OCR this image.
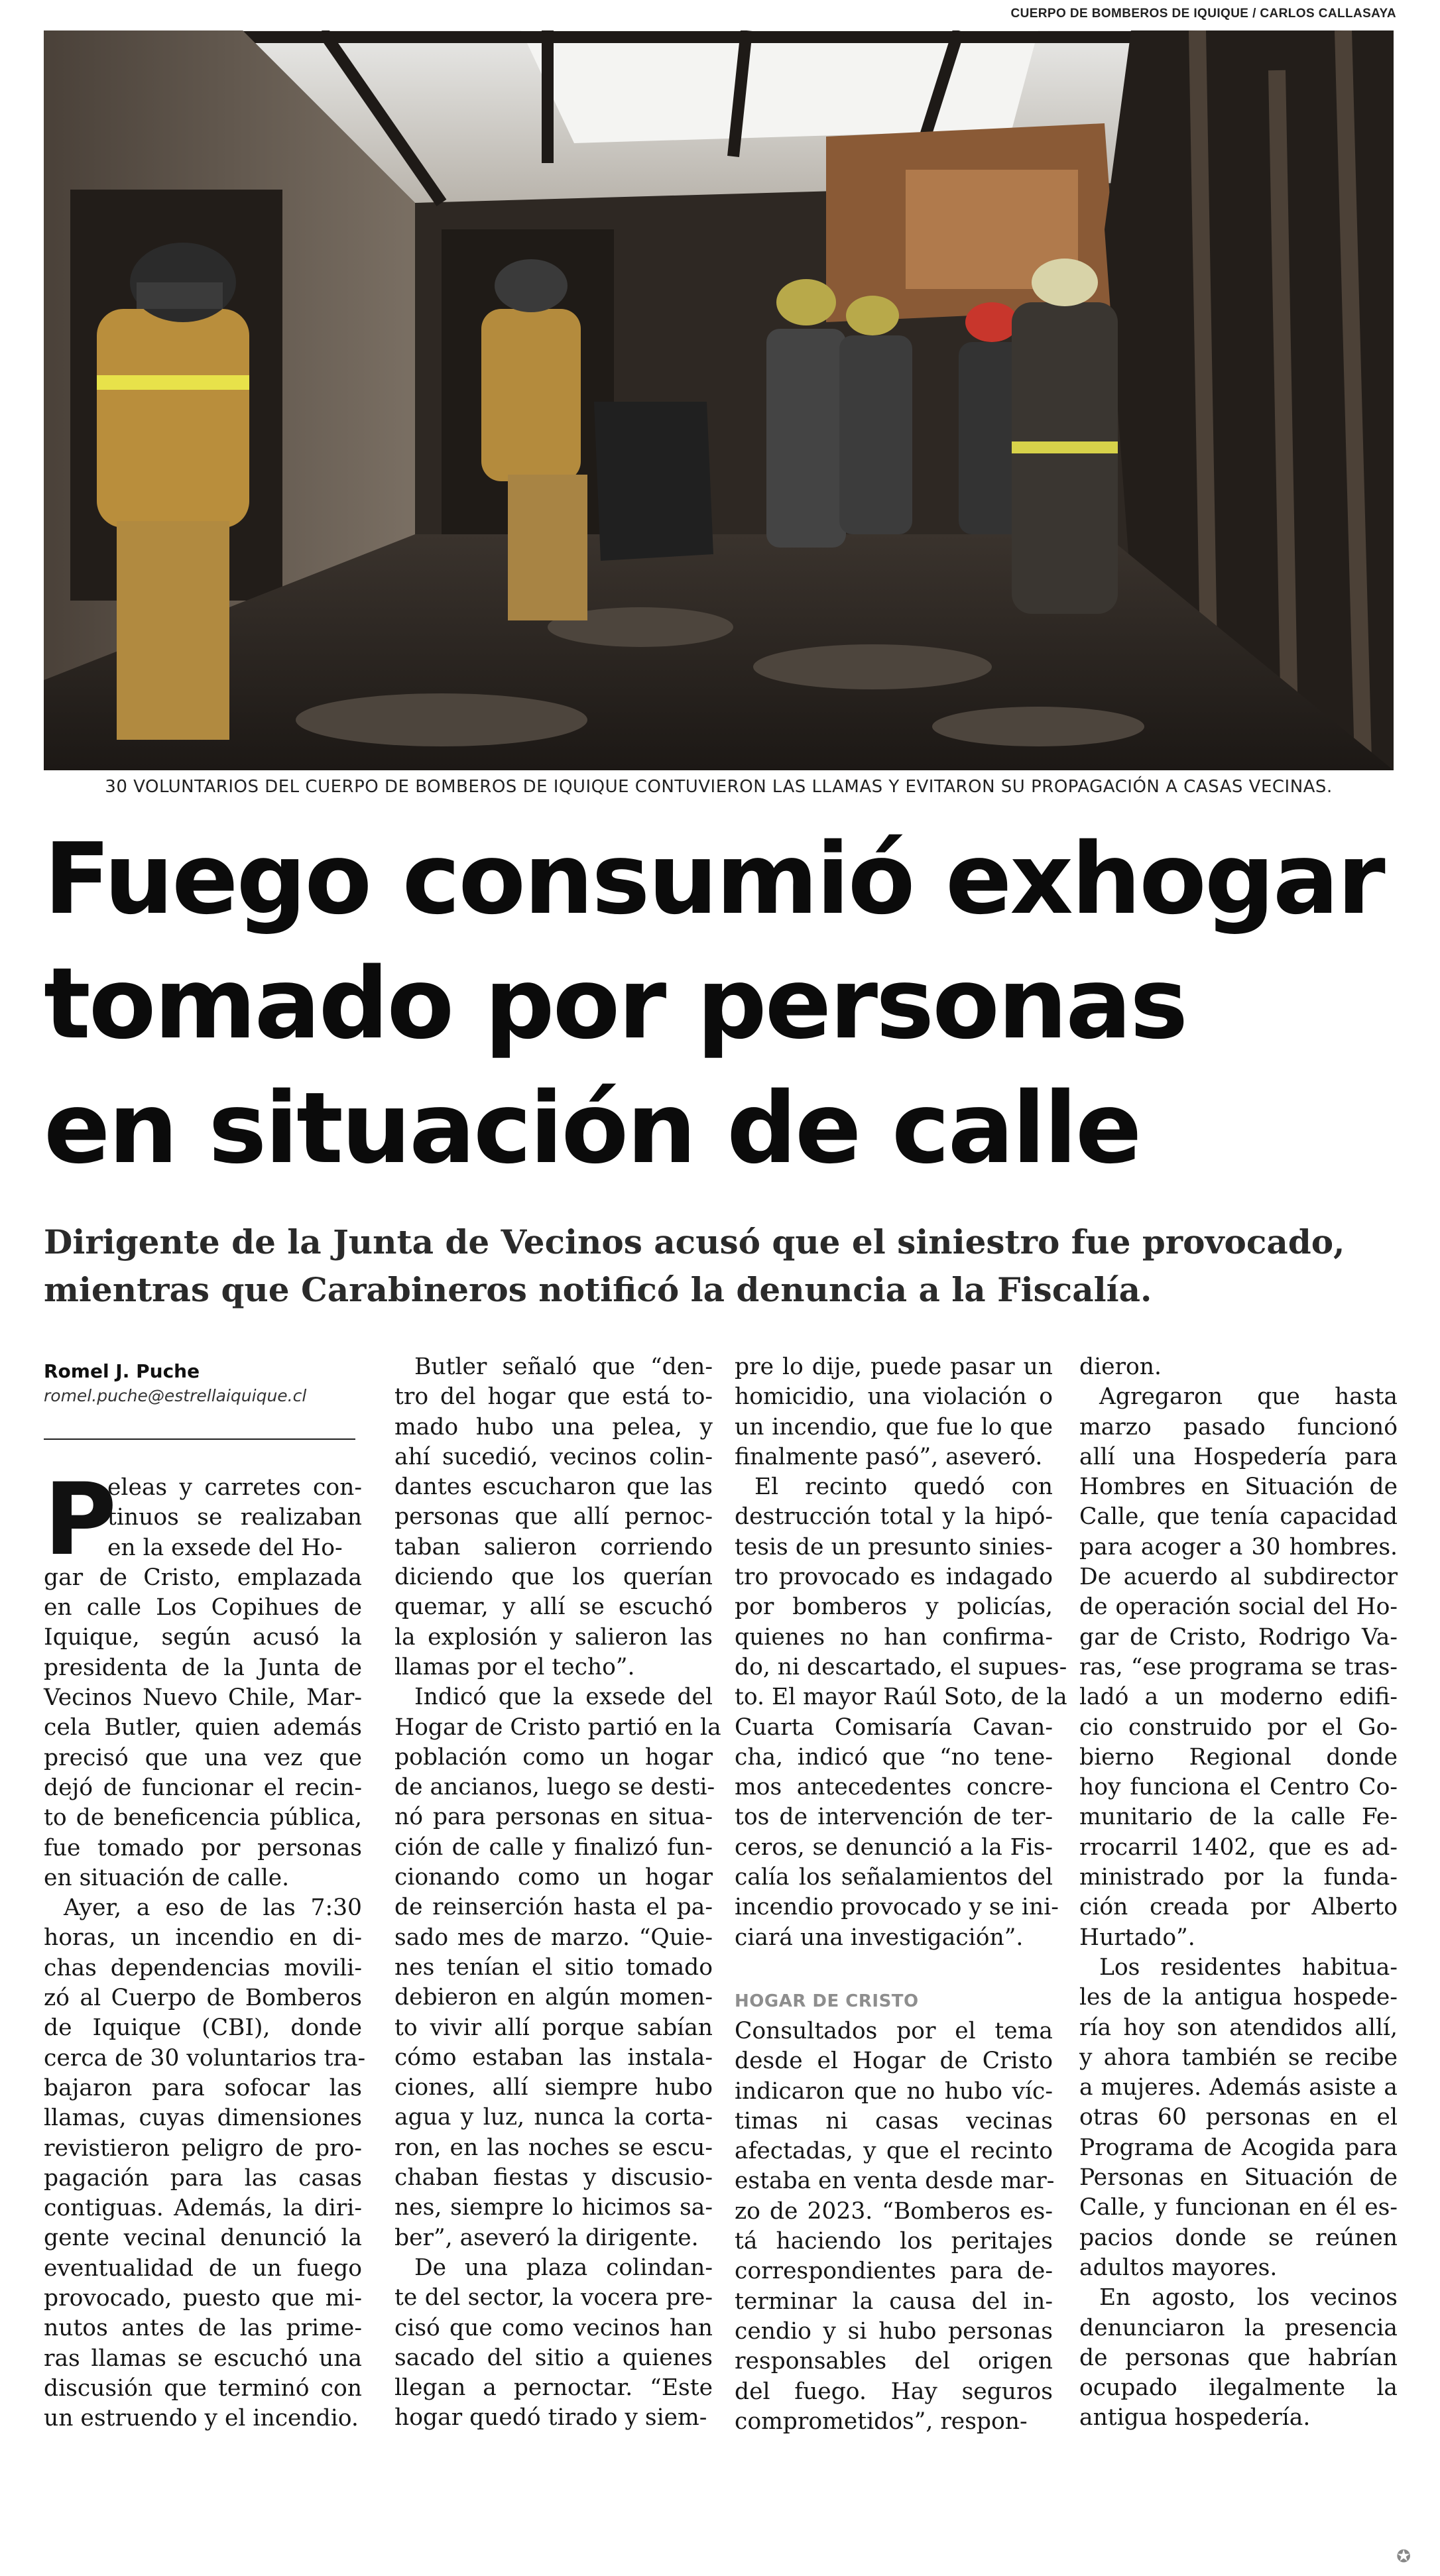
CUERPO DE BOMBEROS DE IQUIQUE / CARLOS CALLASAYA
30 VOLUNTARIOS DEL CUERPO DE BOMBEROS DE IQUIQUE CONTUVIERON LAS LLAMAS Y EVITARON SU PROPAGACIÓN A CASAS VECINAS.
Fuego consumió exhogar
tomado por personas
en situación de calle
Dirigente de la Junta de Vecinos acusó que el siniestro fue provocado,
mientras que Carabineros notificó la denuncia a la Fiscalía.
Romel J. Puche
romel.puche@estrellaiquique.cl
P
eleas y carretes con-
tinuos se realizaban
en la exsede del Ho-
gar de Cristo, emplazada
en calle Los Copihues de
Iquique, según acusó la
presidenta de la Junta de
Vecinos Nuevo Chile, Mar-
cela Butler, quien además
precisó que una vez que
dejó de funcionar el recin-
to de beneficencia pública,
fue tomado por personas
en situación de calle.
Ayer, a eso de las 7:30
horas, un incendio en di-
chas dependencias movili-
zó al Cuerpo de Bomberos
de Iquique (CBI), donde
cerca de 30 voluntarios tra-
bajaron para sofocar las
llamas, cuyas dimensiones
revistieron peligro de pro-
pagación para las casas
contiguas. Además, la diri-
gente vecinal denunció la
eventualidad de un fuego
provocado, puesto que mi-
nutos antes de las prime-
ras llamas se escuchó una
discusión que terminó con
un estruendo y el incendio.
Butler señaló que “den-
tro del hogar que está to-
mado hubo una pelea, y
ahí sucedió, vecinos colin-
dantes escucharon que las
personas que allí pernoc-
taban salieron corriendo
diciendo que los querían
quemar, y allí se escuchó
la explosión y salieron las
llamas por el techo”.
Indicó que la exsede del
Hogar de Cristo partió en la
población como un hogar
de ancianos, luego se desti-
nó para personas en situa-
ción de calle y finalizó fun-
cionando como un hogar
de reinserción hasta el pa-
sado mes de marzo. “Quie-
nes tenían el sitio tomado
debieron en algún momen-
to vivir allí porque sabían
cómo estaban las instala-
ciones, allí siempre hubo
agua y luz, nunca la corta-
ron, en las noches se escu-
chaban fiestas y discusio-
nes, siempre lo hicimos sa-
ber”, aseveró la dirigente.
De una plaza colindan-
te del sector, la vocera pre-
cisó que como vecinos han
sacado del sitio a quienes
llegan a pernoctar. “Este
hogar quedó tirado y siem-
pre lo dije, puede pasar un
homicidio, una violación o
un incendio, que fue lo que
finalmente pasó”, aseveró.
El recinto quedó con
destrucción total y la hipó-
tesis de un presunto sinies-
tro provocado es indagado
por bomberos y policías,
quienes no han confirma-
do, ni descartado, el supues-
to. El mayor Raúl Soto, de la
Cuarta Comisaría Cavan-
cha, indicó que “no tene-
mos antecedentes concre-
tos de intervención de ter-
ceros, se denunció a la Fis-
calía los señalamientos del
incendio provocado y se ini-
ciará una investigación”.
HOGAR DE CRISTO
Consultados por el tema
desde el Hogar de Cristo
indicaron que no hubo víc-
timas ni casas vecinas
afectadas, y que el recinto
estaba en venta desde mar-
zo de 2023. “Bomberos es-
tá haciendo los peritajes
correspondientes para de-
terminar la causa del in-
cendio y si hubo personas
responsables del origen
del fuego. Hay seguros
comprometidos”, respon-
dieron.
Agregaron que hasta
marzo pasado funcionó
allí una Hospedería para
Hombres en Situación de
Calle, que tenía capacidad
para acoger a 30 hombres.
De acuerdo al subdirector
de operación social del Ho-
gar de Cristo, Rodrigo Va-
ras, “ese programa se tras-
ladó a un moderno edifi-
cio construido por el Go-
bierno Regional donde
hoy funciona el Centro Co-
munitario de la calle Fe-
rrocarril 1402, que es ad-
ministrado por la funda-
ción creada por Alberto
Hurtado”.
Los residentes habitua-
les de la antigua hospede-
ría hoy son atendidos allí,
y ahora también se recibe
a mujeres. Además asiste a
otras 60 personas en el
Programa de Acogida para
Personas en Situación de
Calle, y funcionan en él es-
pacios donde se reúnen
adultos mayores.
En agosto, los vecinos
denunciaron la presencia
de personas que habrían
ocupado ilegalmente la
antigua hospedería.
✪
